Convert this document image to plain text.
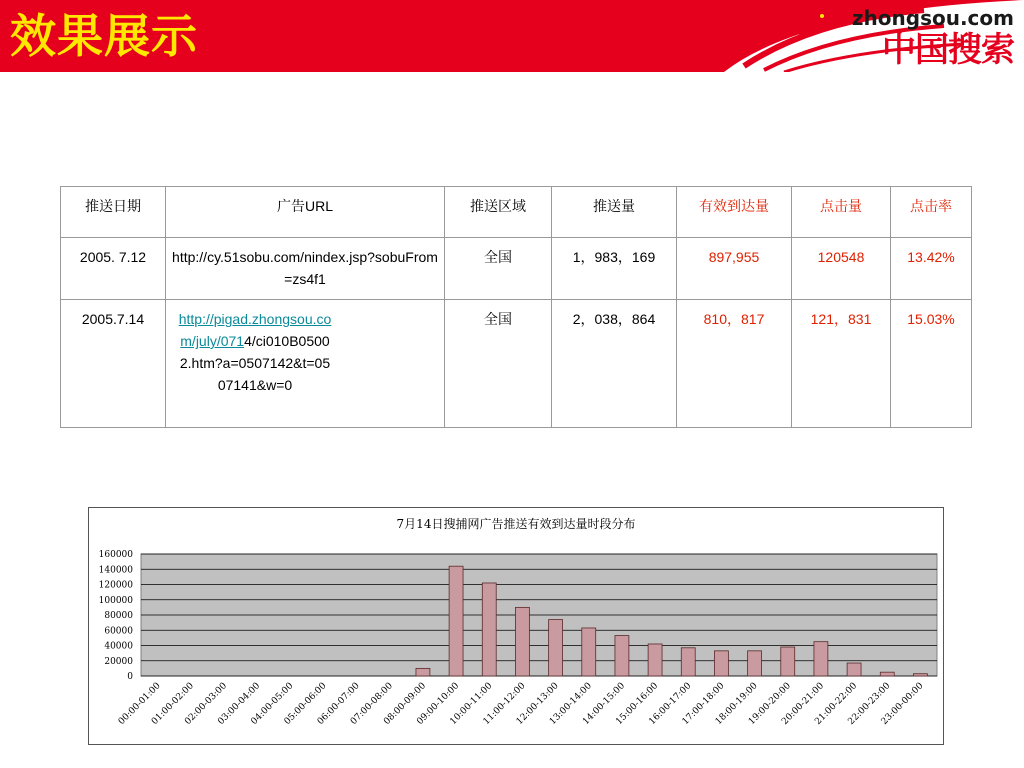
效果展示	zhongsou.com
中国搜索
推送日期	广告URL	推送区域	推送量	有效到达量	点击量	点击率
2005. 7.12	http://cy.51sobu.com/nindex.jsp?sobuFrom=zs4f1	全国	1，983，169	897,955	120548	13.42%
2005.7.14	http://pigad.zhongsou.com/july/0714/ci010B05002.htm?a=0507142&t=0507141&w=0	全国	2，038，864	810，817	121，831	15.03%
7月14日搜捕网广告推送有效到达量时段分布
160000
140000
120000
100000
80000
60000
40000
20000
0
00:00-01:00
01:00-02:00
02:00-03:00
03:00-04:00
04:00-05:00
05:00-06:00
06:00-07:00
07:00-08:00
08:00-09:00
09:00-10:00
10:00-11:00
11:00-12:00
12:00-13:00
13:00-14:00
14:00-15:00
15:00-16:00
16:00-17:00
17:00-18:00
18:00-19:00
19:00-20:00
20:00-21:00
21:00-22:00
22:00-23:00
23:00-00:00
